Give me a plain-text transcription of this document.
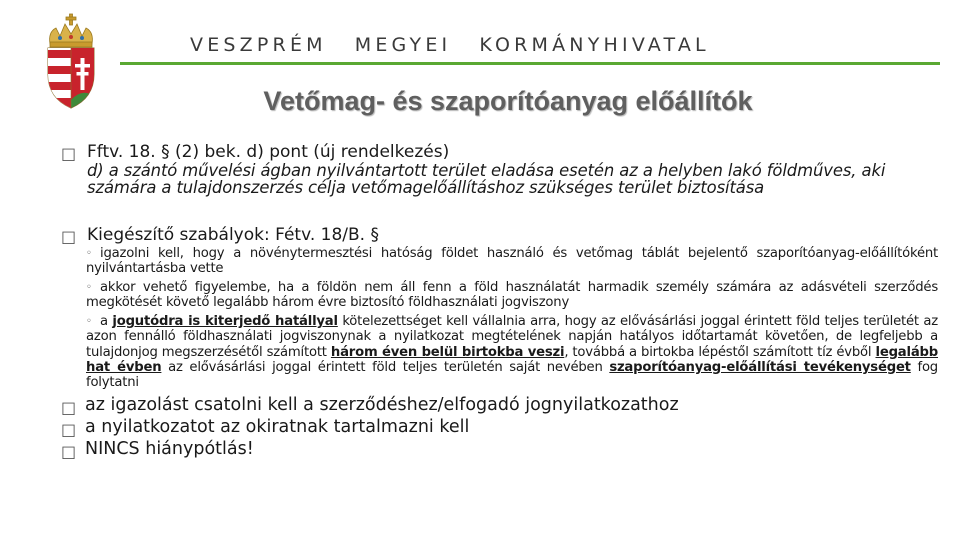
VESZPRÉM MEGYEI KORMÁNYHIVATAL
Vetőmag- és szaporítóanyag előállítók
□ Fftv. 18. § (2) bek. d) pont (új rendelkezés)
d) a szántó művelési ágban nyilvántartott terület eladása esetén az a helyben lakó földműves, aki számára a tulajdonszerzés célja vetőmagelőállításhoz szükséges terület biztosítása
□ Kiegészítő szabályok: Fétv. 18/B. §
◦ igazolni kell, hogy a növénytermesztési hatóság földet használó és vetőmag táblát bejelentő szaporítóanyag-előállítóként nyilvántartásba vette
◦ akkor vehető figyelembe, ha a földön nem áll fenn a föld használatát harmadik személy számára az adásvételi szerződés megkötését követő legalább három évre biztosító földhasználati jogviszony
◦ a jogutódra is kiterjedő hatállyal kötelezettséget kell vállalnia arra, hogy az elővásárlási joggal érintett föld teljes területét az azon fennálló földhasználati jogviszonynak a nyilatkozat megtételének napján hatályos időtartamát követően, de legfeljebb a tulajdonjog megszerzésétől számított három éven belül birtokba veszi, továbbá a birtokba lépéstől számított tíz évből legalább hat évben az elővásárlási joggal érintett föld teljes területén saját nevében szaporítóanyag-előállítási tevékenységet fog folytatni
□ az igazolást csatolni kell a szerződéshez/elfogadó jognyilatkozathoz
□ a nyilatkozatot az okiratnak tartalmazni kell
□ NINCS hiánypótlás!
